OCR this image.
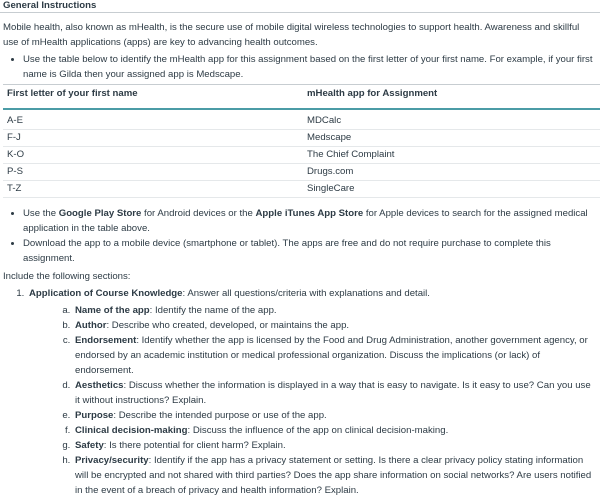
General Instructions

Mobile health, also known as mHealth, is the secure use of mobile digital wireless technologies to support health. Awareness and skillful use of mHealth applications (apps) are key to advancing health outcomes.

• Use the table below to identify the mHealth app for this assignment based on the first letter of your first name. For example, if your first name is Gilda then your assigned app is Medscape.
First letter of your first name	mHealth app for Assignment
A-E	MDCalc
F-J	Medscape
K-O	The Chief Complaint
P-S	Drugs.com
T-Z	SingleCare
• Use the Google Play Store for Android devices or the Apple iTunes App Store for Apple devices to search for the assigned medical application in the table above.
• Download the app to a mobile device (smartphone or tablet). The apps are free and do not require purchase to complete this assignment.

Include the following sections:

1. Application of Course Knowledge: Answer all questions/criteria with explanations and detail.
a. Name of the app: Identify the name of the app.
b. Author: Describe who created, developed, or maintains the app.
c. Endorsement: Identify whether the app is licensed by the Food and Drug Administration, another government agency, or endorsed by an academic institution or medical professional organization. Discuss the implications (or lack) of endorsement.
d. Aesthetics: Discuss whether the information is displayed in a way that is easy to navigate. Is it easy to use? Can you use it without instructions? Explain.
e. Purpose: Describe the intended purpose or use of the app.
f. Clinical decision-making: Discuss the influence of the app on clinical decision-making.
g. Safety: Is there potential for client harm? Explain.
h. Privacy/security: Identify if the app has a privacy statement or setting. Is there a clear privacy policy stating information will be encrypted and not shared with third parties? Does the app share information on social networks? Are users notified in the event of a breach of privacy and health information? Explain.
